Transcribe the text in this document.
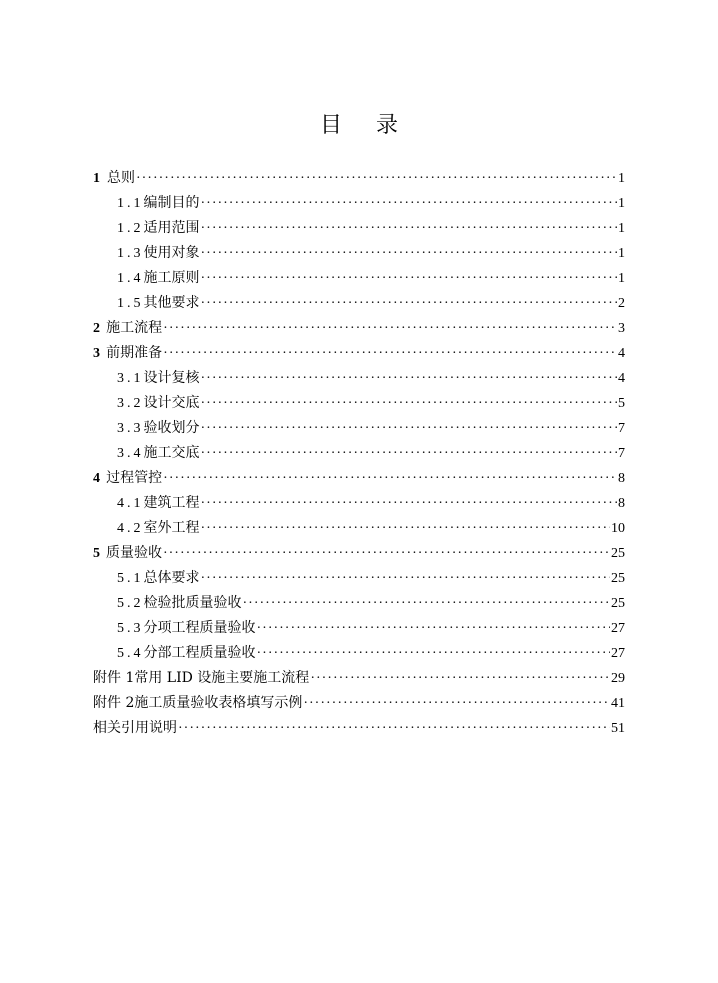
目 录
1 总则 ·····	1
1.1 编制目的 ·····	1
1.2 适用范围 ·····	1
1.3 使用对象 ·····	1
1.4 施工原则 ·····	1
1.5 其他要求 ·····	2
2 施工流程 ·····	3
3 前期准备 ·····	4
3.1 设计复核 ·····	4
3.2 设计交底 ·····	5
3.3 验收划分 ·····	7
3.4 施工交底 ·····	7
4 过程管控 ·····	8
4.1 建筑工程 ·····	8
4.2 室外工程 ·····	10
5 质量验收 ·····	25
5.1 总体要求 ·····	25
5.2 检验批质量验收 ·····	25
5.3 分项工程质量验收 ·····	27
5.4 分部工程质量验收 ·····	27
附件 1 常用 LID 设施主要施工流程 ·····	29
附件 2 施工质量验收表格填写示例 ·····	41
相关引用说明 ·····	51
